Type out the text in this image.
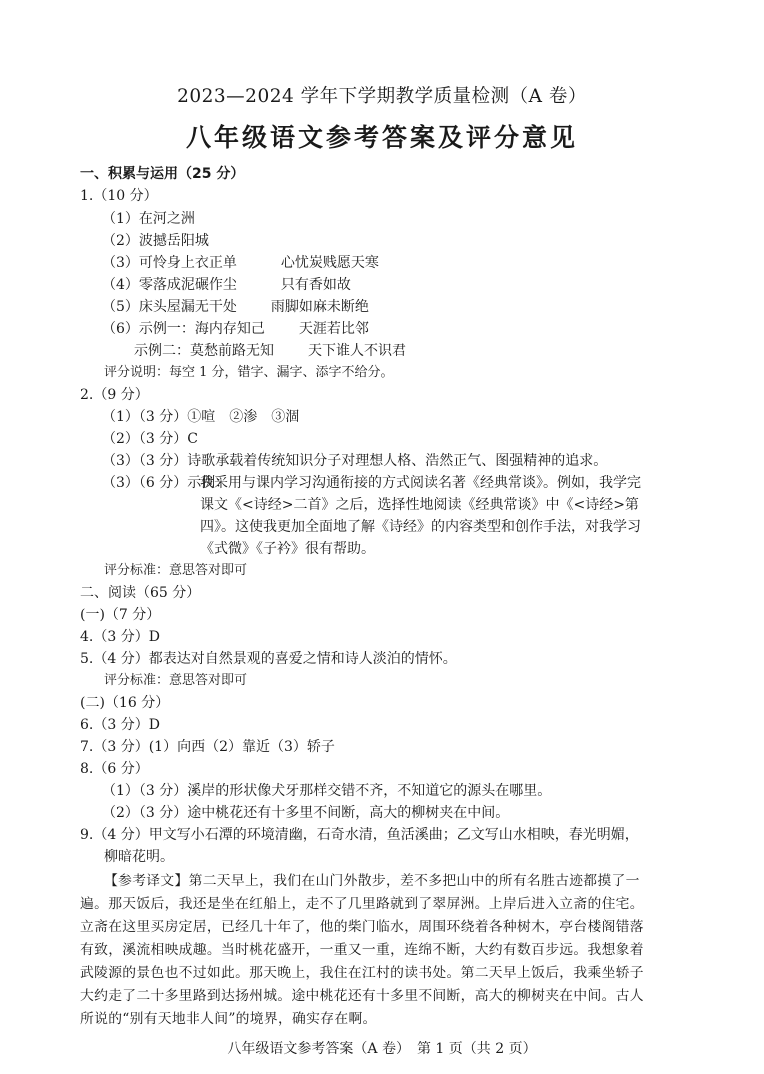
2023—2024 学年下学期教学质量检测（A 卷）
八年级语文参考答案及评分意见
一、积累与运用（25 分）
1.（10 分）
（1）在河之洲
（2）波撼岳阳城
（3）可怜身上衣正单	心忧炭贱愿天寒
（4）零落成泥碾作尘	只有香如故
（5）床头屋漏无干处 雨脚如麻未断绝
（6）示例一：海内存知己 天涯若比邻
示例二：莫愁前路无知 天下谁人不识君
评分说明：每空 1 分，错字、漏字、添字不给分。
2.（9 分）
（1）（3 分）①喧　②渗　③涸
（2）（3 分）C
（3）（3 分）诗歌承载着传统知识分子对理想人格、浩然正气、图强精神的追求。
（3）（6 分）示例：
我采用与课内学习沟通衔接的方式阅读名著《经典常谈》。例如，我学完
课文《<诗经>二首》之后，选择性地阅读《经典常谈》中《<诗经>第
四》。这使我更加全面地了解《诗经》的内容类型和创作手法，对我学习
《式微》《子衿》很有帮助。
评分标准：意思答对即可
二、阅读（65 分）
(一)（7 分）
4.（3 分）D
5.（4 分）都表达对自然景观的喜爱之情和诗人淡泊的情怀。
评分标准：意思答对即可
(二)（16 分）
6.（3 分）D
7.（3 分）(1）向西（2）靠近（3）轿子
8.（6 分）
（1）（3 分）溪岸的形状像犬牙那样交错不齐，不知道它的源头在哪里。
（2）（3 分）途中桃花还有十多里不间断，高大的柳树夹在中间。
9.（4 分）甲文写小石潭的环境清幽，石奇水清，鱼活溪曲；乙文写山水相映，春光明媚，
柳暗花明。
【参考译文】第二天早上，我们在山门外散步，差不多把山中的所有名胜古迹都摸了一
遍。那天饭后，我还是坐在红船上，走不了几里路就到了翠屏洲。上岸后进入立斋的住宅。
立斋在这里买房定居，已经几十年了，他的柴门临水，周围环绕着各种树木，亭台楼阁错落
有致，溪流相映成趣。当时桃花盛开，一重又一重，连绵不断，大约有数百步远。我想象着
武陵源的景色也不过如此。那天晚上，我住在江村的读书处。第二天早上饭后，我乘坐轿子
大约走了二十多里路到达扬州城。途中桃花还有十多里不间断，高大的柳树夹在中间。古人
所说的“别有天地非人间”的境界，确实存在啊。
八年级语文参考答案（A 卷）　第 1 页（共 2 页）
